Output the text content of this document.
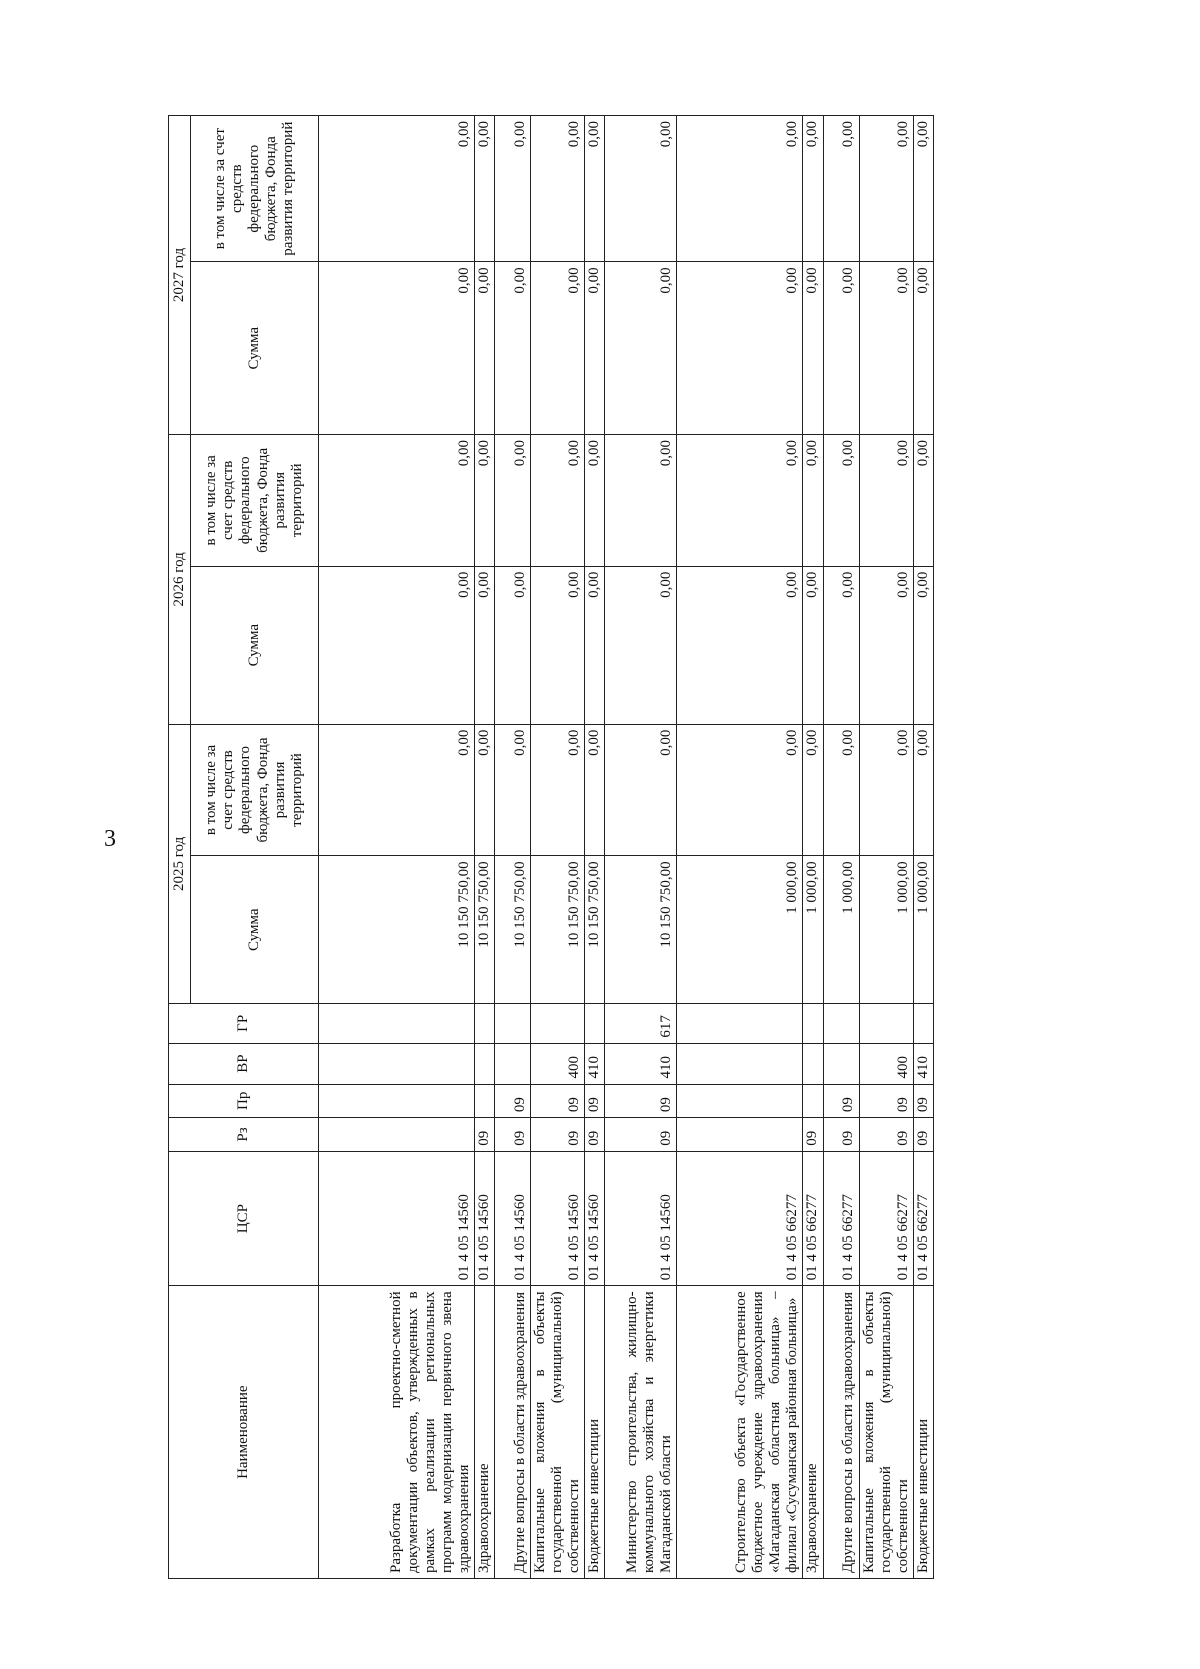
3
Наименование	ЦСР	Рз	Пр	ВР	ГР	2025 год		2026 год		2027 год	
						Сумма	в том числе за счет средств федерального бюджета, Фонда развития территорий	Сумма	в том числе за счет средств федерального бюджета, Фонда развития территорий	Сумма	в том числе за счет средств федерального бюджета, Фонда развития территорий
Разработка проектно-сметной документации объектов, утвержденных в рамках реализации региональных программ модернизации первичного звена здравоохранения	01 4 05 14560					10 150 750,00	0,00	0,00	0,00	0,00	0,00
Здравоохранение	01 4 05 14560	09				10 150 750,00	0,00	0,00	0,00	0,00	0,00
Другие вопросы в области здравоохранения	01 4 05 14560	09	09			10 150 750,00	0,00	0,00	0,00	0,00	0,00
Капитальные вложения в объекты государственной (муниципальной) собственности	01 4 05 14560	09	09	400		10 150 750,00	0,00	0,00	0,00	0,00	0,00
Бюджетные инвестиции	01 4 05 14560	09	09	410		10 150 750,00	0,00	0,00	0,00	0,00	0,00
Министерство строительства, жилищно-коммунального хозяйства и энергетики Магаданской области	01 4 05 14560	09	09	410	617	10 150 750,00	0,00	0,00	0,00	0,00	0,00
Строительство объекта «Государственное бюджетное учреждение здравоохранения «Магаданская областная больница» – филиал «Сусуманская районная больница»	01 4 05 66277					1 000,00	0,00	0,00	0,00	0,00	0,00
Здравоохранение	01 4 05 66277	09				1 000,00	0,00	0,00	0,00	0,00	0,00
Другие вопросы в области здравоохранения	01 4 05 66277	09	09			1 000,00	0,00	0,00	0,00	0,00	0,00
Капитальные вложения в объекты государственной (муниципальной) собственности	01 4 05 66277	09	09	400		1 000,00	0,00	0,00	0,00	0,00	0,00
Бюджетные инвестиции	01 4 05 66277	09	09	410		1 000,00	0,00	0,00	0,00	0,00	0,00
